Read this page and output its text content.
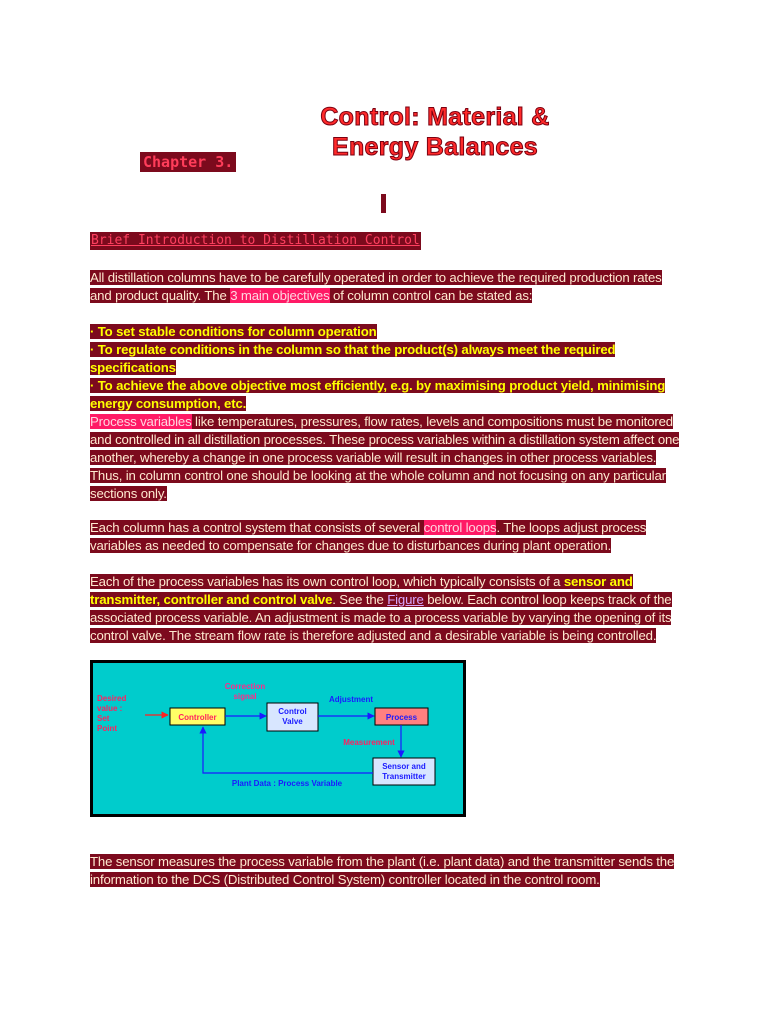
Control: Material &
Energy Balances
Chapter 3.
Brief Introduction to Distillation Control
All distillation columns have to be carefully operated in order to achieve the required production rates and product quality. The 3 main objectives of column control can be stated as:
· To set stable conditions for column operation
· To regulate conditions in the column so that the product(s) always meet the required specifications
· To achieve the above objective most efficiently, e.g. by maximising product yield, minimising energy consumption, etc.
Process variables like temperatures, pressures, flow rates, levels and compositions must be monitored and controlled in all distillation processes. These process variables within a distillation system affect one another, whereby a change in one process variable will result in changes in other process variables. Thus, in column control one should be looking at the whole column and not focusing on any particular sections only.
Each column has a control system that consists of several control loops. The loops adjust process variables as needed to compensate for changes due to disturbances during plant operation.
Each of the process variables has its own control loop, which typically consists of a sensor and transmitter, controller and control valve. See the Figure below. Each control loop keeps track of the associated process variable. An adjustment is made to a process variable by varying the opening of its control valve. The stream flow rate is therefore adjusted and a desirable variable is being controlled.
Desired
value :
Set
Point
Controller
Correction
signal
Control
Valve
Adjustment
Process
Measurement
Sensor and
Transmitter
Plant Data : Process Variable
The sensor measures the process variable from the plant (i.e. plant data) and the transmitter sends the information to the DCS (Distributed Control System) controller located in the control room.
